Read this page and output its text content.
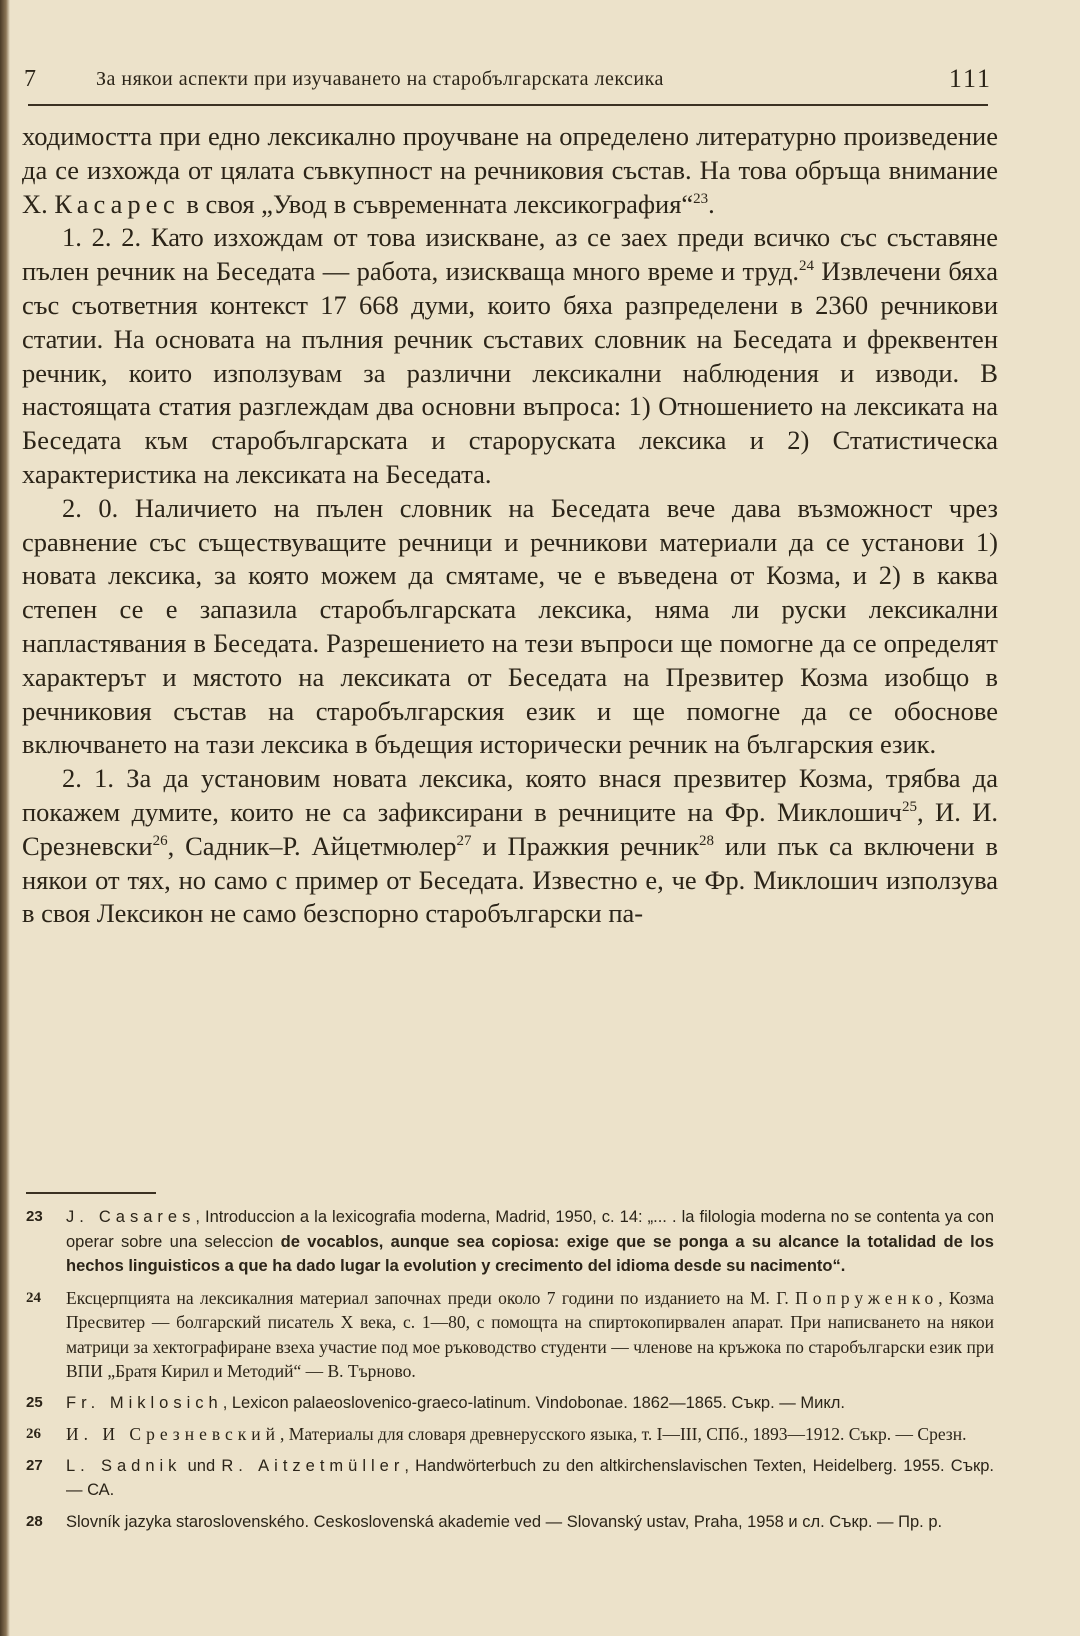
7	За някои аспекти при изучаването на старобългарската лексика	111

ходимостта при едно лексикално проучване на определено литературно произведение да се изхожда от цялата съвкупност на речниковия състав. На това обръща внимание Х. Касарес в своя „Увод в съвременната лексикография“$^{23}$.

1. 2. 2. Като изхождам от това изискване, аз се заех преди всичко със съставяне пълен речник на Беседата — работа, изискваща много време и труд.$^{24}$ Извлечени бяха със съответния контекст 17 668 думи, които бяха разпределени в 2360 речникови статии. На основата на пълния речник съставих словник на Беседата и фреквентен речник, които използувам за различни лексикални наблюдения и изводи. В настоящата статия разглеждам два основни въпроса: 1) Отношението на лексиката на Беседата към старобългарската и староруската лексика и 2) Статистическа характеристика на лексиката на Беседата.

2. 0. Наличието на пълен словник на Беседата вече дава възможност чрез сравнение със съществуващите речници и речникови материали да се установи 1) новата лексика, за която можем да смятаме, че е въведена от Козма, и 2) в каква степен се е запазила старобългарската лексика, няма ли руски лексикални напластявания в Беседата. Разрешението на тези въпроси ще помогне да се определят характерът и мястото на лексиката от Беседата на Презвитер Козма изобщо в речниковия състав на старобългарския език и ще помогне да се обоснове включването на тази лексика в бъдещия исторически речник на българския език.

2. 1. За да установим новата лексика, която внася презвитер Козма, трябва да покажем думите, които не са зафиксирани в речниците на Фр. Миклошич$^{25}$, И. И. Срезневски$^{26}$, Садник–Р. Айцетмюлер$^{27}$ и Пражкия речник$^{28}$ или пък са включени в някои от тях, но само с пример от Беседата. Известно е, че Фр. Миклошич използува в своя Лексикон не само безспорно старобългарски па-

23 J. Casares, Introduccion a la lexicografia moderna, Madrid, 1950, c. 14: „... . la filologia moderna no se contenta ya con operar sobre una seleccion de vocablos, aunque sea copiosa: exige que se ponga a su alcance la totalidad de los hechos linguisticos a que ha dado lugar la evolution y crecimento del idioma desde su nacimento“.
24 Ексцерпцията на лексикалния материал започнах преди около 7 години по изданието на М. Г. Попруженко, Козма Пресвитер — болгарский писатель X века, с. 1—80, с помощта на спиртокопирвален апарат. При написването на някои матрици за хектографиране взеха участие под мое ръководство студенти — членове на кръжока по старобългарски език при ВПИ „Братя Кирил и Методий“ — В. Търново.
25 Fr. Miklosich, Lexicon palaeoslovenico-graeco-latinum. Vindobonae. 1862—1865. Съкр. — Микл.
26 И. И Срезневский, Материалы для словаря древнерусского языка, т. I—III, СПб., 1893—1912. Съкр. — Срезн.
27 L. Sadnik und R. Aitzetmüller, Handwörterbuch zu den altkirchenslavischen Texten, Heidelberg. 1955. Съкр. — СА.
28 Slovník jazyka staroslovenského. Ceskoslovenská akademie ved — Slovanský ustav, Praha, 1958 и сл. Съкр. — Пр. р.
